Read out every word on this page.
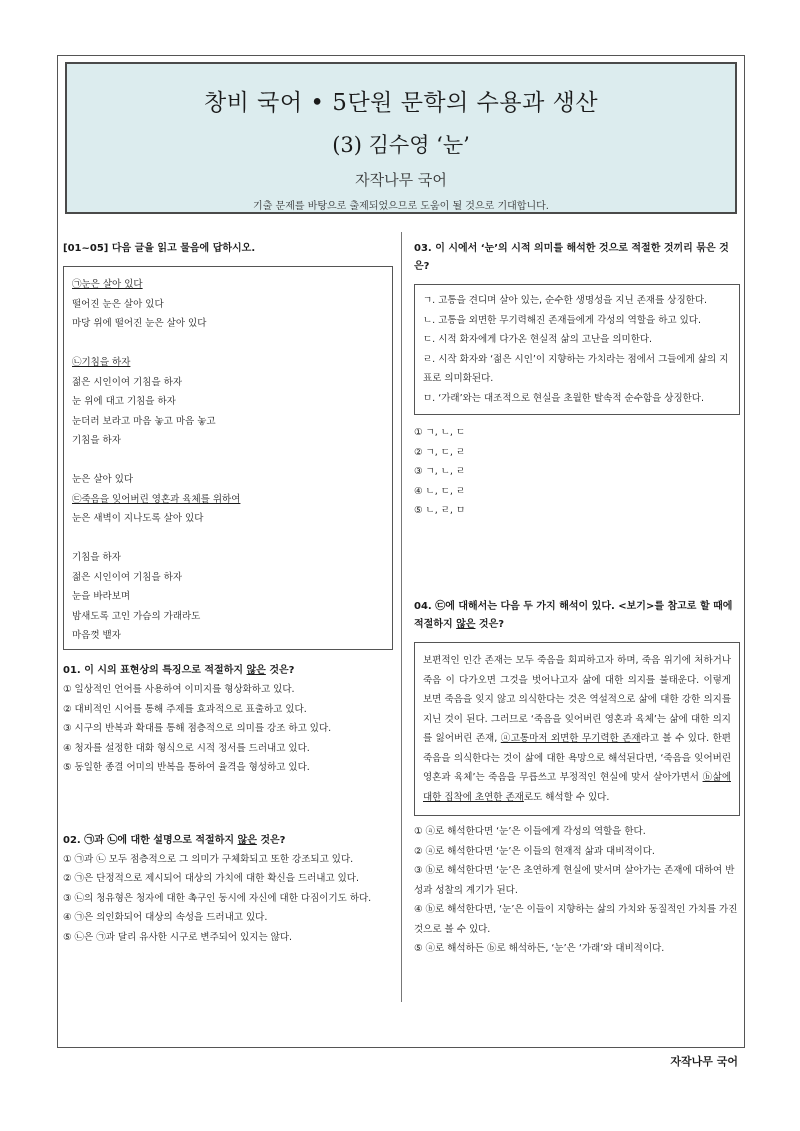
창비 국어 • 5단원 문학의 수용과 생산
(3) 김수영 ‘눈’
자작나무 국어
기출 문제를 바탕으로 출제되었으므로 도움이 될 것으로 기대합니다.
[01~05] 다음 글을 읽고 물음에 답하시오.
㉠눈은 살아 있다
떨어진 눈은 살아 있다
마당 위에 떨어진 눈은 살아 있다
㉡기침을 하자
젊은 시인이여 기침을 하자
눈 위에 대고 기침을 하자
눈더러 보라고 마음 놓고 마음 놓고
기침을 하자
눈은 살아 있다
㉢죽음을 잊어버린 영혼과 육체를 위하여
눈은 새벽이 지나도록 살아 있다
기침을 하자
젊은 시인이여 기침을 하자
눈을 바라보며
밤새도록 고인 가슴의 가래라도
마음껏 뱉자
01. 이 시의 표현상의 특징으로 적절하지 않은 것은?
① 일상적인 언어를 사용하여 이미지를 형상화하고 있다.
② 대비적인 시어를 통해 주제를 효과적으로 표출하고 있다.
③ 시구의 반복과 확대를 통해 점층적으로 의미를 강조 하고 있다.
④ 청자를 설정한 대화 형식으로 시적 정서를 드러내고 있다.
⑤ 동일한 종결 어미의 반복을 통하여 율격을 형성하고 있다.
02. ㉠과 ㉡에 대한 설명으로 적절하지 않은 것은?
① ㉠과 ㉡ 모두 점층적으로 그 의미가 구체화되고 또한 강조되고 있다.
② ㉠은 단정적으로 제시되어 대상의 가치에 대한 확신을 드러내고 있다.
③ ㉡의 청유형은 청자에 대한 촉구인 동시에 자신에 대한 다짐이기도 하다.
④ ㉠은 의인화되어 대상의 속성을 드러내고 있다.
⑤ ㉡은 ㉠과 달리 유사한 시구로 변주되어 있지는 않다.
03. 이 시에서 ‘눈’의 시적 의미를 해석한 것으로 적절한 것끼리 묶은 것은?
ㄱ. 고통을 견디며 살아 있는, 순수한 생명성을 지닌 존재를 상징한다.
ㄴ. 고통을 외면한 무기력해진 존재들에게 각성의 역할을 하고 있다.
ㄷ. 시적 화자에게 다가온 현실적 삶의 고난을 의미한다.
ㄹ. 시작 화자와 ‘젊은 시인’이 지향하는 가치라는 점에서 그들에게 삶의 지표로 의미화된다.
ㅁ. ‘가래’와는 대조적으로 현실을 초월한 탈속적 순수함을 상징한다.
① ㄱ, ㄴ, ㄷ
② ㄱ, ㄷ, ㄹ
③ ㄱ, ㄴ, ㄹ
④ ㄴ, ㄷ, ㄹ
⑤ ㄴ, ㄹ, ㅁ
04. ㉢에 대해서는 다음 두 가지 해석이 있다. <보기>를 참고로 할 때에 적절하지 않은 것은?
보편적인 인간 존재는 모두 죽음을 회피하고자 하며, 죽음 위기에 처하거나 죽음 이 다가오면 그것을 벗어나고자 삶에 대한 의지를 불태운다. 이렇게 보면 죽음을 잊지 않고 의식한다는 것은 역설적으로 삶에 대한 강한 의지를 지닌 것이 된다. 그러므로 ‘죽음을 잊어버린 영혼과 육체’는 삶에 대한 의지를 잃어버린 존재, ⓐ고통마저 외면한 무기력한 존재라고 볼 수 있다. 한편 죽음을 의식한다는 것이 삶에 대한 욕망으로 해석된다면, ‘죽음을 잊어버린 영혼과 육체’는 죽음을 무릅쓰고 부정적인 현실에 맞서 살아가면서 ⓑ삶에 대한 집착에 초연한 존재로도 해석할 수 있다.
① ⓐ로 해석한다면 ‘눈’은 이들에게 각성의 역할을 한다.
② ⓐ로 해석한다면 ‘눈’은 이들의 현재적 삶과 대비적이다.
③ ⓑ로 해석한다면 ‘눈’은 초연하게 현실에 맞서며 살아가는 존재에 대하여 반성과 성찰의 계기가 된다.
④ ⓑ로 해석한다면, ‘눈’은 이들이 지향하는 삶의 가치와 동질적인 가치를 가진 것으로 볼 수 있다.
⑤ ⓐ로 해석하든 ⓑ로 해석하든, ‘눈’은 ‘가래’와 대비적이다.
자작나무 국어
